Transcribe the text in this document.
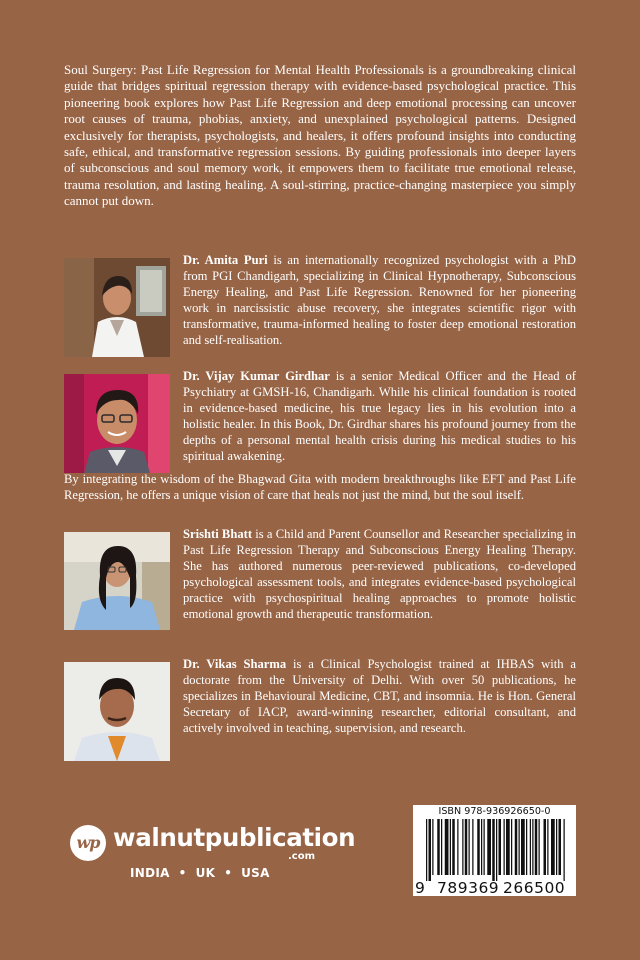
Soul Surgery: Past Life Regression for Mental Health Professionals is a groundbreaking clinical guide that bridges spiritual regression therapy with evidence-based psychological practice. This pioneering book explores how Past Life Regression and deep emotional processing can uncover root causes of trauma, phobias, anxiety, and unexplained psychological patterns. Designed exclusively for therapists, psychologists, and healers, it offers profound insights into conducting safe, ethical, and transformative regression sessions. By guiding professionals into deeper layers of subconscious and soul memory work, it empowers them to facilitate true emotional release, trauma resolution, and lasting healing. A soul-stirring, practice-changing masterpiece you simply cannot put down.

Dr. Amita Puri is an internationally recognized psychologist with a PhD from PGI Chandigarh, specializing in Clinical Hypnotherapy, Subconscious Energy Healing, and Past Life Regression. Renowned for her pioneering work in narcissistic abuse recovery, she integrates scientific rigor with transformative, trauma-informed healing to foster deep emotional restoration and self-realisation.

Dr. Vijay Kumar Girdhar is a senior Medical Officer and the Head of Psychiatry at GMSH-16, Chandigarh. While his clinical foundation is rooted in evidence-based medicine, his true legacy lies in his evolution into a holistic healer. In this Book, Dr. Girdhar shares his profound journey from the depths of a personal mental health crisis during his medical studies to his spiritual awakening.

By integrating the wisdom of the Bhagwad Gita with modern breakthroughs like EFT and Past Life Regression, he offers a unique vision of care that heals not just the mind, but the soul itself.

Srishti Bhatt is a Child and Parent Counsellor and Researcher specializing in Past Life Regression Therapy and Subconscious Energy Healing Therapy. She has authored numerous peer-reviewed publications, co-developed psychological assessment tools, and integrates evidence-based psychological practice with psychospiritual healing approaches to promote holistic emotional growth and therapeutic transformation.

Dr. Vikas Sharma is a Clinical Psychologist trained at IHBAS with a doctorate from the University of Delhi. With over 50 publications, he specializes in Behavioural Medicine, CBT, and insomnia. He is Hon. General Secretary of IACP, award-winning researcher, editorial consultant, and actively involved in teaching, supervision, and research.

wp walnutpublication
.com
INDIA  •  UK  •  USA
ISBN 978-936926650-0
9 789369 266500
